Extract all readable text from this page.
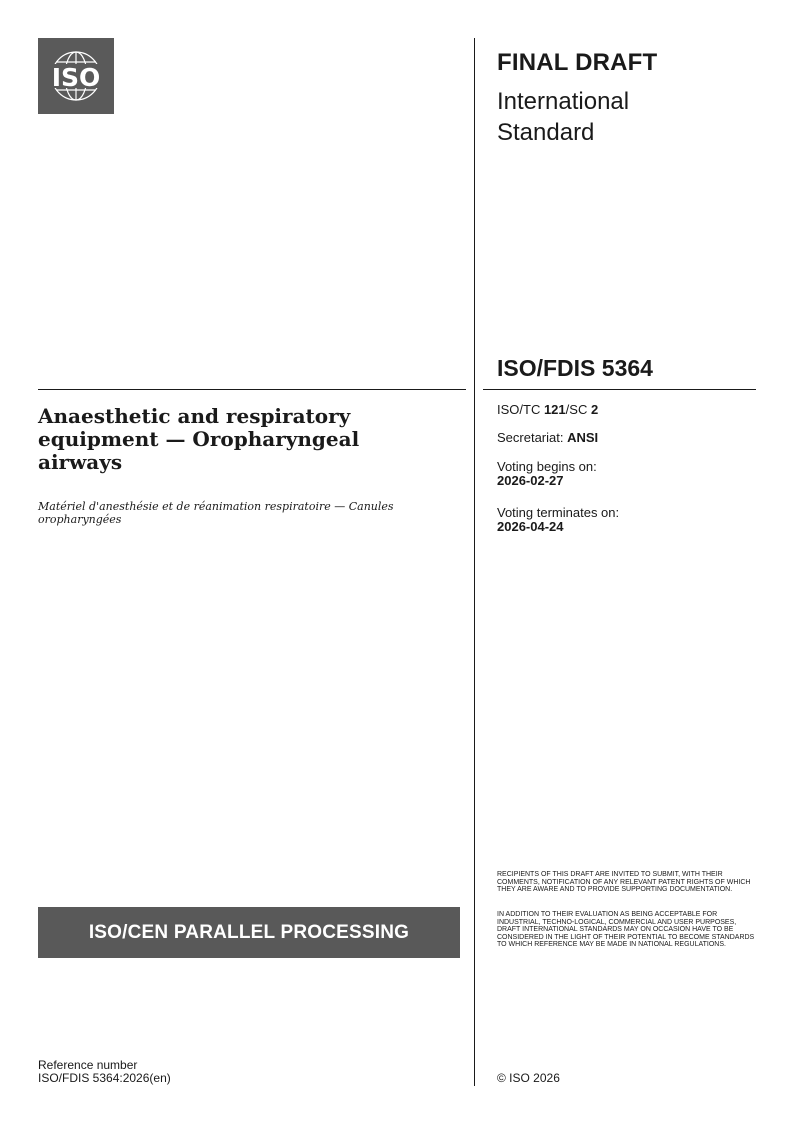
ISO
FINAL DRAFT
International
Standard
ISO/FDIS 5364
Anaesthetic and respiratory equipment — Oropharyngeal airways
Matériel d'anesthésie et de réanimation respiratoire — Canules oropharyngées
ISO/TC 121/SC 2
Secretariat: ANSI
Voting begins on:
2026-02-27
Voting terminates on:
2026-04-24
RECIPIENTS OF THIS DRAFT ARE INVITED TO SUBMIT, WITH THEIR COMMENTS, NOTIFICATION OF ANY RELEVANT PATENT RIGHTS OF WHICH THEY ARE AWARE AND TO PROVIDE SUPPORTING DOCUMENTATION.
IN ADDITION TO THEIR EVALUATION AS BEING ACCEPTABLE FOR INDUSTRIAL, TECHNO-LOGICAL, COMMERCIAL AND USER PURPOSES, DRAFT INTERNATIONAL STANDARDS MAY ON OCCASION HAVE TO BE CONSIDERED IN THE LIGHT OF THEIR POTENTIAL TO BECOME STANDARDS TO WHICH REFERENCE MAY BE MADE IN NATIONAL REGULATIONS.
ISO/CEN PARALLEL PROCESSING
Reference number
ISO/FDIS 5364:2026(en)	© ISO 2026
